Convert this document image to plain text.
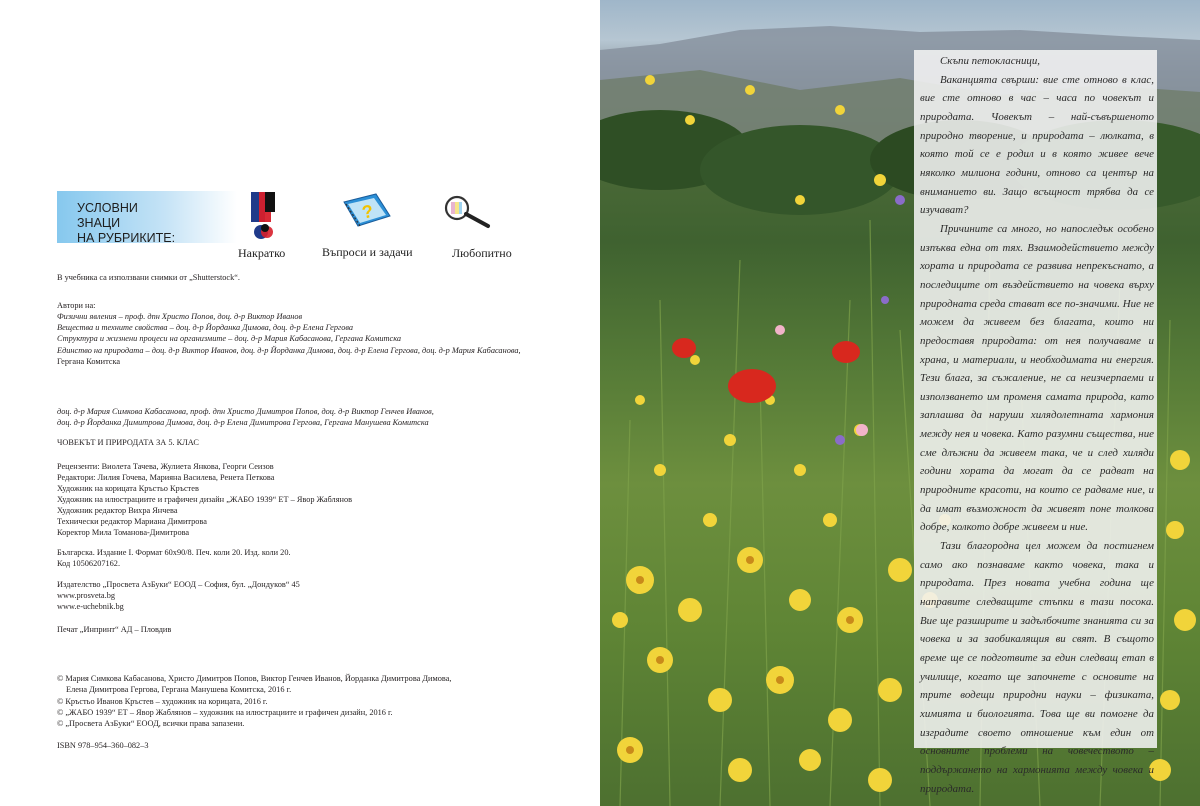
УСЛОВНИ
ЗНАЦИ
НА РУБРИКИТЕ:
Накратко
?
Въпроси и задачи	Любопитно
В учебника са използвани снимки от „Shutterstock“.
Автори на:
Физични явления – проф. дпн Христо Попов, доц. д-р Виктор Иванов
Вещества и техните свойства – доц. д-р Йорданка Димова, доц. д-р Елена Гергова
Структура и жизнени процеси на организмите – доц. д-р Мария Кабасанова, Гергана Комитска
Единство на природата – доц. д-р Виктор Иванов, доц. д-р Йорданка Димова, доц. д-р Елена Гергова, доц. д-р Мария Кабасанова,
Гергана Комитска
доц. д-р Мария Симкова Кабасанова, проф. дпн Христо Димитров Попов, доц. д-р Виктор Генчев Иванов,
доц. д-р Йорданка Димитрова Димова, доц. д-р Елена Димитрова Гергова, Гергана Манушева Комитска
ЧОВЕКЪТ И ПРИРОДАТА ЗА 5. КЛАС
Рецензенти: Виолета Тачева, Жулиета Янкова, Георги Сеизов
Редактори: Лилия Гочева, Марияна Василева, Ренета Петкова
Художник на корицата Кръстьо Кръстев
Художник на илюстрациите и графичен дизайн „ЖАБО 1939“ ЕТ – Явор Жаблянов
Художник редактор Вихра Янчева
Технически редактор Мариана Димитрова
Коректор Мила Томанова-Димитрова
Българска. Издание I. Формат 60х90/8. Печ. коли 20. Изд. коли 20.
Код 10506207162.
Издателство „Просвета АзБуки“ ЕООД – София, бул. „Дондуков“ 45
www.prosveta.bg
www.e-uchebnik.bg
Печат „Инпринт“ АД – Пловдив
© Мария Симкова Кабасанова, Христо Димитров Попов, Виктор Генчев Иванов, Йорданка Димитрова Димова,
Елена Димитрова Гергова, Гергана Манушева Комитска, 2016 г.
© Кръстьо Иванов Кръстев – художник на корицата, 2016 г.
© „ЖАБО 1939“ ЕТ – Явор Жаблянов – художник на илюстрациите и графичен дизайн, 2016 г.
© „Просвета АзБуки“ ЕООД, всички права запазени.
ISBN 978–954–360–082–3

Скъпи петокласници,

Ваканцията свърши: вие сте отново в клас, вие сте отново в час – часа по човекът и природата. Човекът – най-съвършеното природно творение, и природата – люлката, в която той се е родил и в която живее вече няколко милиона години, отново са център на вниманието ви. Защо всъщност трябва да се изучават?

Причините са много, но напоследък особено изпъква една от тях. Взаимодействието между хората и природата се развива непрекъснато, а последиците от въздействието на човека върху природната среда стават все по-значими. Ние не можем да живеем без благата, които ни предоставя природата: от нея получаваме и храна, и материали, и необходимата ни енергия. Тези блага, за съжаление, не са неизчерпаеми и използването им променя самата природа, като заплашва да наруши хилядолетната хармония между нея и човека. Като разумни същества, ние сме длъжни да живеем така, че и след хиляди години хората да могат да се радват на природните красоти, на които се радваме ние, и да имат възможност да живеят поне толкова добре, колкото добре живеем и ние.

Тази благородна цел можем да постигнем само ако познаваме както човека, така и природата. През новата учебна година ще направите следващите стъпки в тази посока. Вие ще разширите и задълбочите знанията си за човека и за заобикалящия ви свят. В същото време ще се подготвите за един следващ етап в училище, когато ще започнете с основите на трите водещи природни науки – физиката, химията и биологията. Това ще ви помогне да изградите своето отношение към един от основните проблеми на човечеството – поддържането на хармонията между човека и природата.
